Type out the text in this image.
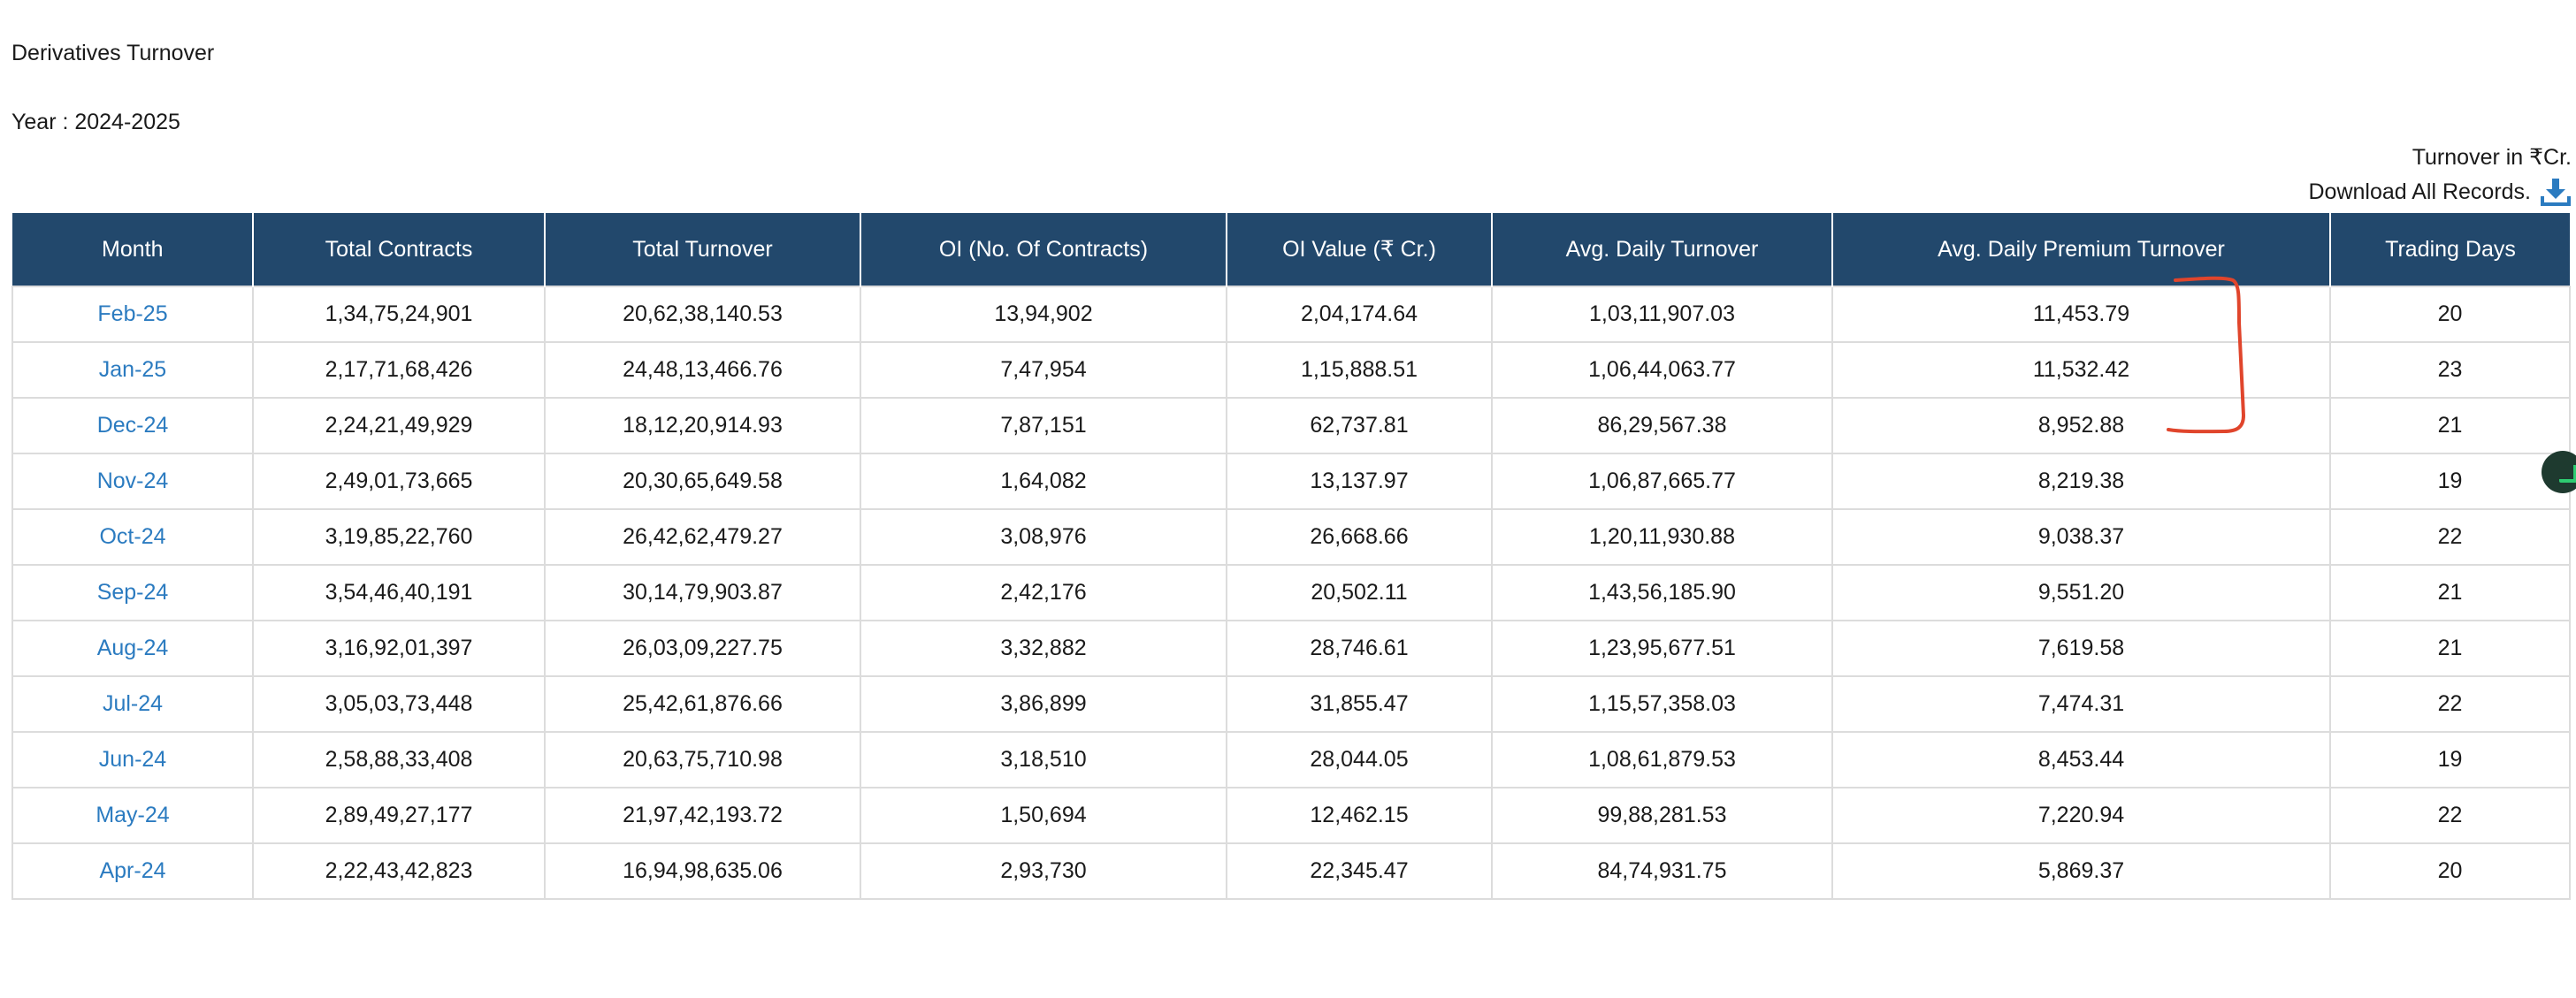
Derivatives Turnover
Year : 2024-2025
Turnover in ₹Cr.
Download All Records.
Month	Total Contracts	Total Turnover	OI (No. Of Contracts)	OI Value (₹ Cr.)	Avg. Daily Turnover	Avg. Daily Premium Turnover	Trading Days
Feb-25	1,34,75,24,901	20,62,38,140.53	13,94,902	2,04,174.64	1,03,11,907.03	11,453.79	20
Jan-25	2,17,71,68,426	24,48,13,466.76	7,47,954	1,15,888.51	1,06,44,063.77	11,532.42	23
Dec-24	2,24,21,49,929	18,12,20,914.93	7,87,151	62,737.81	86,29,567.38	8,952.88	21
Nov-24	2,49,01,73,665	20,30,65,649.58	1,64,082	13,137.97	1,06,87,665.77	8,219.38	19
Oct-24	3,19,85,22,760	26,42,62,479.27	3,08,976	26,668.66	1,20,11,930.88	9,038.37	22
Sep-24	3,54,46,40,191	30,14,79,903.87	2,42,176	20,502.11	1,43,56,185.90	9,551.20	21
Aug-24	3,16,92,01,397	26,03,09,227.75	3,32,882	28,746.61	1,23,95,677.51	7,619.58	21
Jul-24	3,05,03,73,448	25,42,61,876.66	3,86,899	31,855.47	1,15,57,358.03	7,474.31	22
Jun-24	2,58,88,33,408	20,63,75,710.98	3,18,510	28,044.05	1,08,61,879.53	8,453.44	19
May-24	2,89,49,27,177	21,97,42,193.72	1,50,694	12,462.15	99,88,281.53	7,220.94	22
Apr-24	2,22,43,42,823	16,94,98,635.06	2,93,730	22,345.47	84,74,931.75	5,869.37	20
